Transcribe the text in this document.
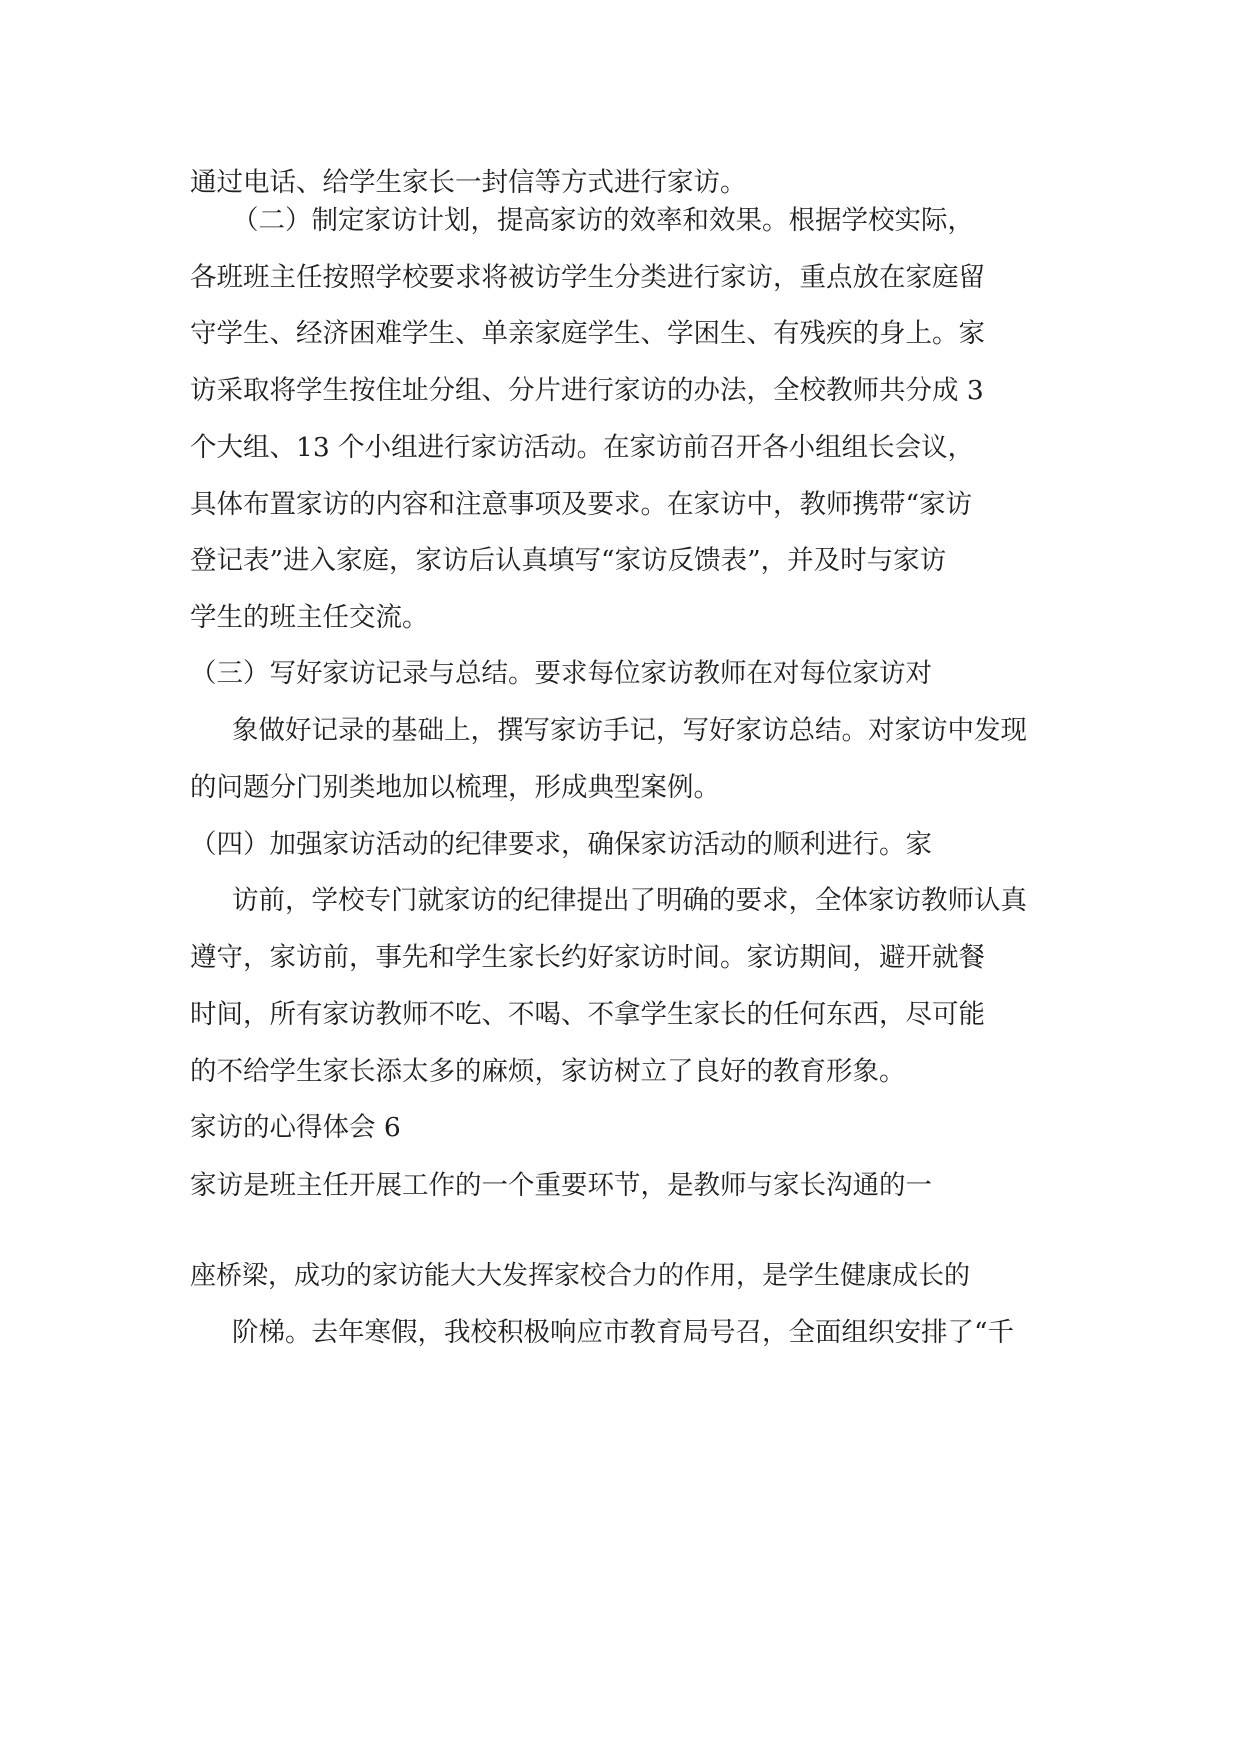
通过电话、给学生家长一封信等方式进行家访。
（二）制定家访计划，提高家访的效率和效果。根据学校实际，
各班班主任按照学校要求将被访学生分类进行家访，重点放在家庭留
守学生、经济困难学生、单亲家庭学生、学困生、有残疾的身上。家
访采取将学生按住址分组、分片进行家访的办法，全校教师共分成 3
个大组、13 个小组进行家访活动。在家访前召开各小组组长会议，
具体布置家访的内容和注意事项及要求。在家访中，教师携带“家访
登记表”进入家庭，家访后认真填写“家访反馈表”，并及时与家访
学生的班主任交流。
（三）写好家访记录与总结。要求每位家访教师在对每位家访对
象做好记录的基础上，撰写家访手记，写好家访总结。对家访中发现
的问题分门别类地加以梳理，形成典型案例。
（四）加强家访活动的纪律要求，确保家访活动的顺利进行。家
访前，学校专门就家访的纪律提出了明确的要求，全体家访教师认真
遵守，家访前，事先和学生家长约好家访时间。家访期间，避开就餐
时间，所有家访教师不吃、不喝、不拿学生家长的任何东西，尽可能
的不给学生家长添太多的麻烦，家访树立了良好的教育形象。
家访的心得体会 6
家访是班主任开展工作的一个重要环节，是教师与家长沟通的一
座桥梁，成功的家访能大大发挥家校合力的作用，是学生健康成长的
阶梯。去年寒假，我校积极响应市教育局号召，全面组织安排了“千
